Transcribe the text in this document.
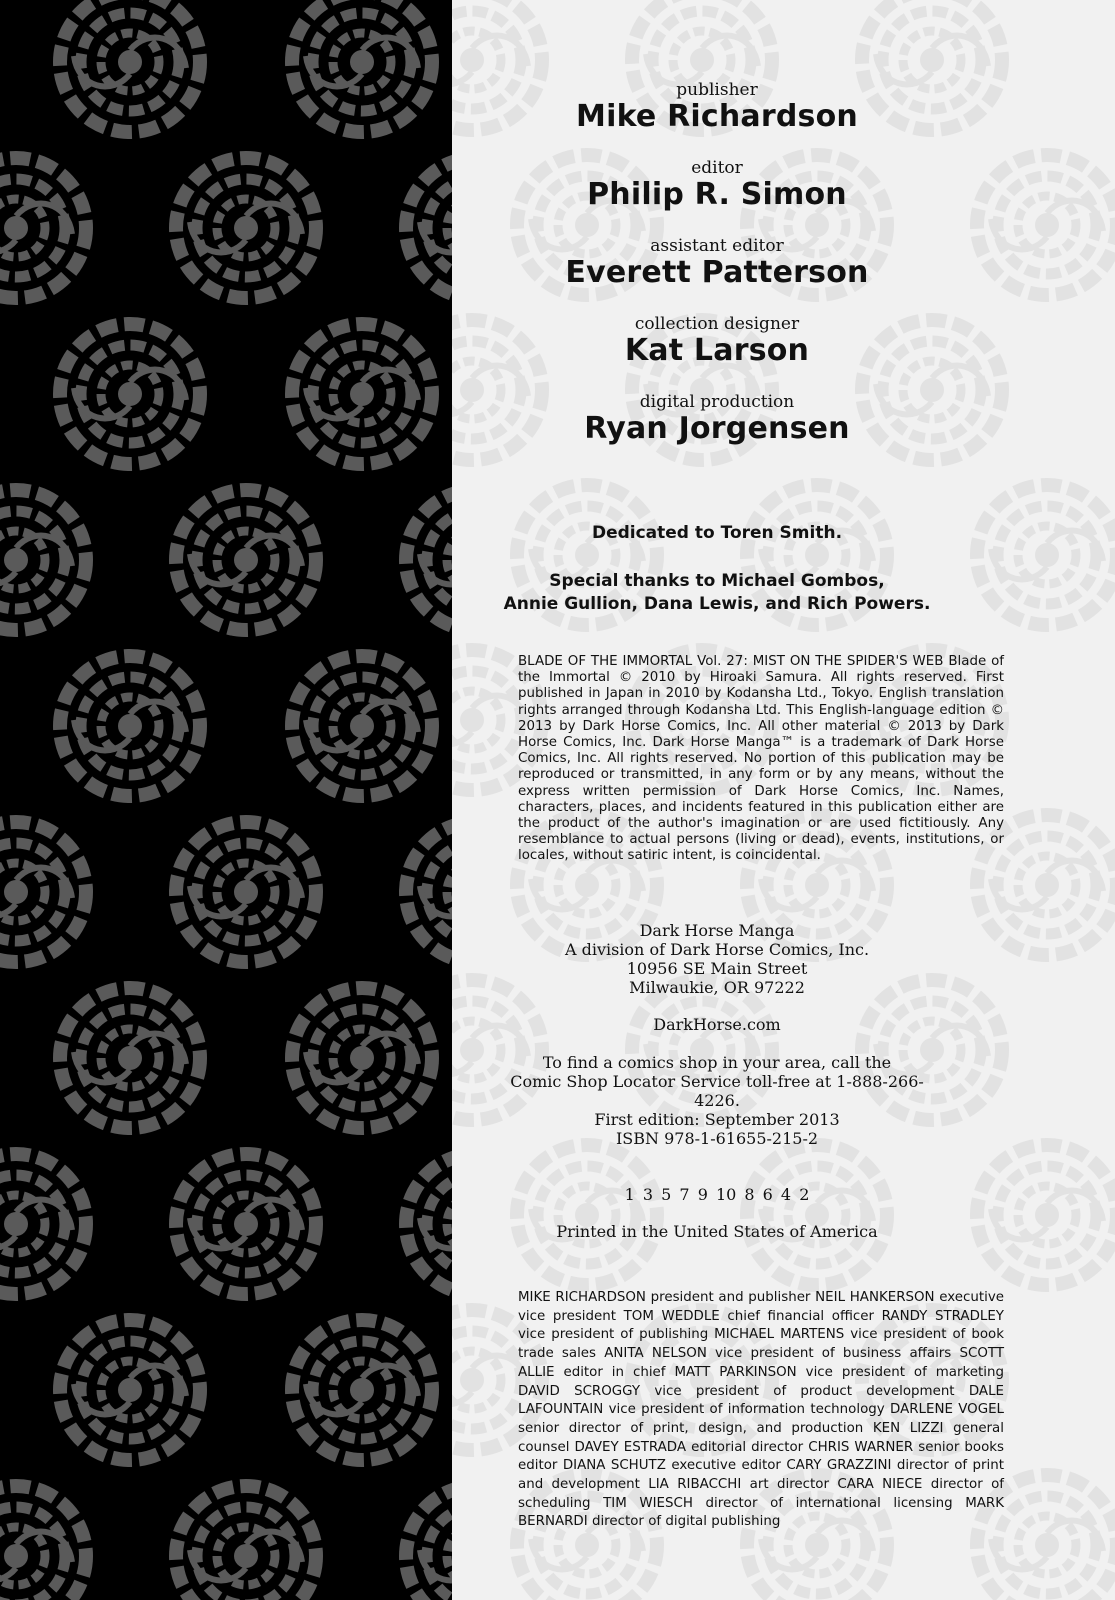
publisher
Mike Richardson
editor
Philip R. Simon
assistant editor
Everett Patterson
collection designer
Kat Larson
digital production
Ryan Jorgensen
Dedicated to Toren Smith.
Special thanks to Michael Gombos,
Annie Gullion, Dana Lewis, and Rich Powers.
BLADE OF THE IMMORTAL Vol. 27: MIST ON THE SPIDER'S WEB Blade of the Immortal © 2010 by Hiroaki Samura. All rights reserved. First published in Japan in 2010 by Kodansha Ltd., Tokyo. English translation rights arranged through Kodansha Ltd. This English-language edition © 2013 by Dark Horse Comics, Inc. All other material © 2013 by Dark Horse Comics, Inc. Dark Horse Manga™ is a trademark of Dark Horse Comics, Inc. All rights reserved. No portion of this publication may be reproduced or transmitted, in any form or by any means, without the express written permission of Dark Horse Comics, Inc. Names, characters, places, and incidents featured in this publication either are the product of the author's imagination or are used fictitiously. Any resemblance to actual persons (living or dead), events, institutions, or locales, without satiric intent, is coincidental.
Dark Horse Manga
A division of Dark Horse Comics, Inc.
10956 SE Main Street
Milwaukie, OR 97222
DarkHorse.com
To find a comics shop in your area, call the
Comic Shop Locator Service toll-free at 1-888-266-4226.
First edition: September 2013
ISBN 978-1-61655-215-2
1 3 5 7 9 10 8 6 4 2
Printed in the United States of America
MIKE RICHARDSON president and publisher NEIL HANKERSON executive vice president TOM WEDDLE chief financial officer RANDY STRADLEY vice president of publishing MICHAEL MARTENS vice president of book trade sales ANITA NELSON vice president of business affairs SCOTT ALLIE editor in chief MATT PARKINSON vice president of marketing DAVID SCROGGY vice president of product development DALE LAFOUNTAIN vice president of information technology DARLENE VOGEL senior director of print, design, and production KEN LIZZI general counsel DAVEY ESTRADA editorial director CHRIS WARNER senior books editor DIANA SCHUTZ executive editor CARY GRAZZINI director of print and development LIA RIBACCHI art director CARA NIECE director of scheduling TIM WIESCH director of international licensing MARK BERNARDI director of digital publishing
